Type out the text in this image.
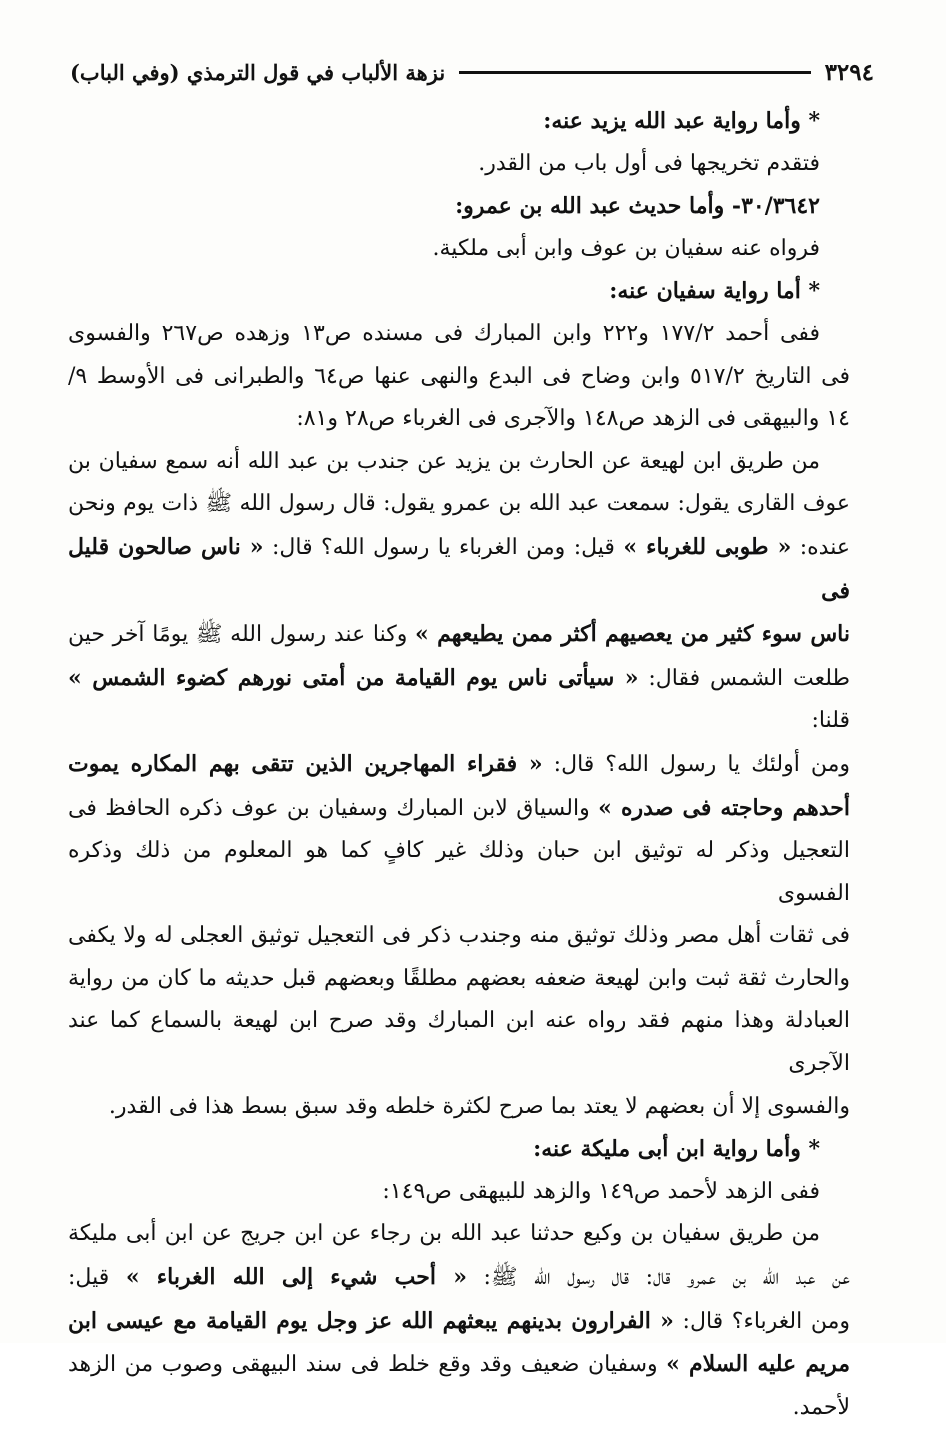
نزهة الألباب في قول الترمذي (وفي الباب)	٣٢٩٤

* وأما رواية عبد الله يزيد عنه:

فتقدم تخريجها فى أول باب من القدر.

٣٠/٣٦٤٢- وأما حديث عبد الله بن عمرو:

فرواه عنه سفيان بن عوف وابن أبى ملكية.

* أما رواية سفيان عنه:

ففى أحمد ١٧٧/٢ و٢٢٢ وابن المبارك فى مسنده ص١٣ وزهده ص٢٦٧ والفسوى

فى التاريخ ٥١٧/٢ وابن وضاح فى البدع والنهى عنها ص٦٤ والطبرانى فى الأوسط ٩/

١٤ والبيهقى فى الزهد ص١٤٨ والآجرى فى الغرباء ص٢٨ و٨١:

من طريق ابن لهيعة عن الحارث بن يزيد عن جندب بن عبد الله أنه سمع سفيان بن

عوف القارى يقول: سمعت عبد الله بن عمرو يقول: قال رسول الله ﷺ ذات يوم ونحن

عنده: « طوبى للغرباء » قيل: ومن الغرباء يا رسول الله؟ قال: « ناس صالحون قليل فى

ناس سوء كثير من يعصيهم أكثر ممن يطيعهم » وكنا عند رسول الله ﷺ يومًا آخر حين

طلعت الشمس فقال: « سيأتى ناس يوم القيامة من أمتى نورهم كضوء الشمس » قلنا:

ومن أولئك يا رسول الله؟ قال: « فقراء المهاجرين الذين تتقى بهم المكاره يموت

أحدهم وحاجته فى صدره » والسياق لابن المبارك وسفيان بن عوف ذكره الحافظ فى

التعجيل وذكر له توثيق ابن حبان وذلك غير كافٍ كما هو المعلوم من ذلك وذكره الفسوى

فى ثقات أهل مصر وذلك توثيق منه وجندب ذكر فى التعجيل توثيق العجلى له ولا يكفى

والحارث ثقة ثبت وابن لهيعة ضعفه بعضهم مطلقًا وبعضهم قبل حديثه ما كان من رواية

العبادلة وهذا منهم فقد رواه عنه ابن المبارك وقد صرح ابن لهيعة بالسماع كما عند الآجرى

والفسوى إلا أن بعضهم لا يعتد بما صرح لكثرة خلطه وقد سبق بسط هذا فى القدر.

* وأما رواية ابن أبى مليكة عنه:

ففى الزهد لأحمد ص١٤٩ والزهد للبيهقى ص١٤٩:

من طريق سفيان بن وكيع حدثنا عبد الله بن رجاء عن ابن جريج عن ابن أبى مليكة

عن عبد الله بن عمرو قال: قال رسول الله ﷺ: « أحب شيء إلى الله الغرباء » قيل:

ومن الغرباء؟ قال: « الفرارون بدينهم يبعثهم الله عز وجل يوم القيامة مع عيسى ابن

مريم عليه السلام » وسفيان ضعيف وقد وقع خلط فى سند البيهقى وصوب من الزهد لأحمد.
